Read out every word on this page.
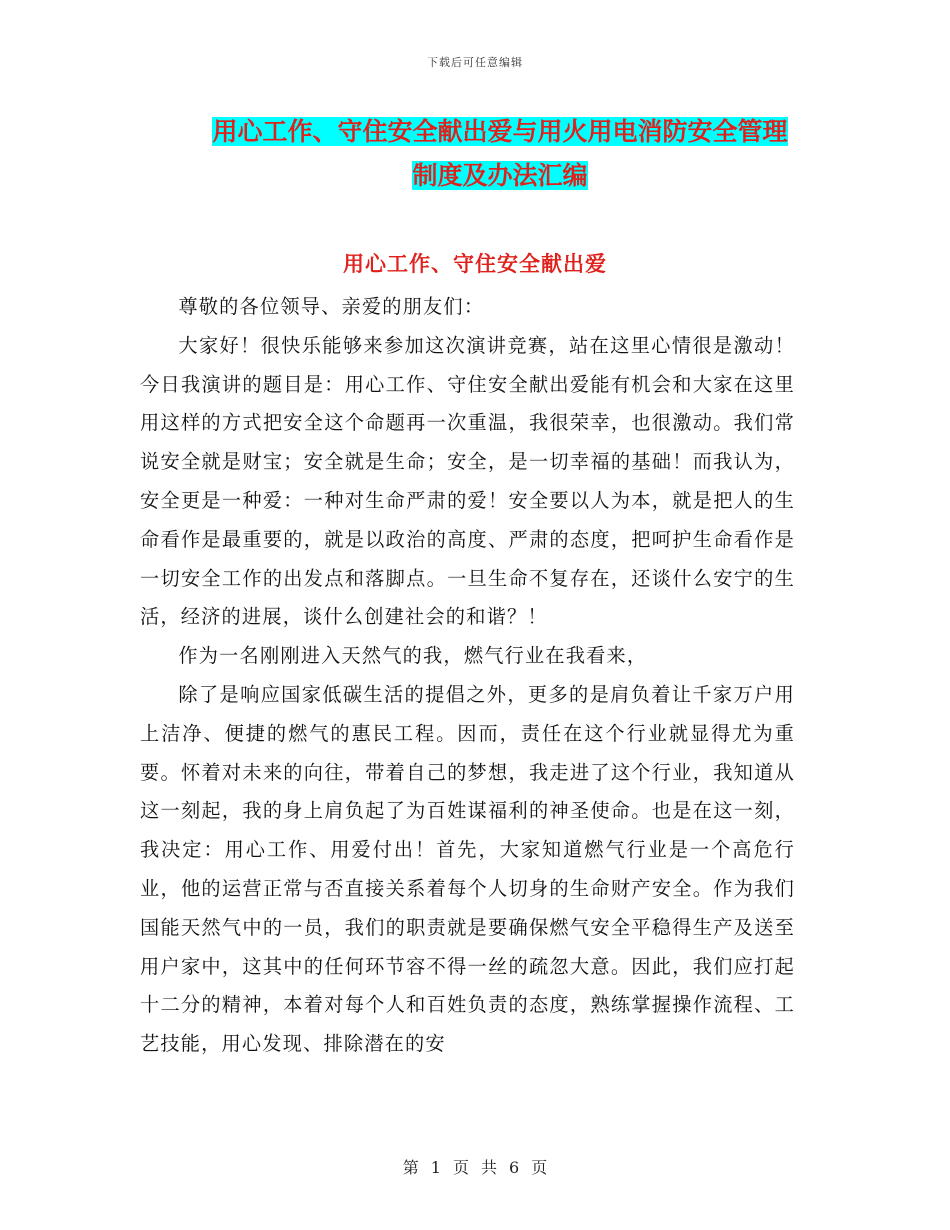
下载后可任意编辑
用心工作、守住安全献出爱与用火用电消防安全管理
制度及办法汇编
用心工作、守住安全献出爱

尊敬的各位领导、亲爱的朋友们：

大家好！很快乐能够来参加这次演讲竞赛，站在这里心情很是激动！今日我演讲的题目是：用心工作、守住安全献出爱能有机会和大家在这里用这样的方式把安全这个命题再一次重温，我很荣幸，也很激动。我们常说安全就是财宝；安全就是生命；安全，是一切幸福的基础！而我认为，安全更是一种爱：一种对生命严肃的爱！安全要以人为本，就是把人的生命看作是最重要的，就是以政治的高度、严肃的态度，把呵护生命看作是一切安全工作的出发点和落脚点。一旦生命不复存在，还谈什么安宁的生活，经济的进展，谈什么创建社会的和谐？！

作为一名刚刚进入天然气的我，燃气行业在我看来，

除了是响应国家低碳生活的提倡之外，更多的是肩负着让千家万户用上洁净、便捷的燃气的惠民工程。因而，责任在这个行业就显得尤为重要。怀着对未来的向往，带着自己的梦想，我走进了这个行业，我知道从这一刻起，我的身上肩负起了为百姓谋福利的神圣使命。也是在这一刻，我决定：用心工作、用爱付出！首先，大家知道燃气行业是一个高危行业，他的运营正常与否直接关系着每个人切身的生命财产安全。作为我们国能天然气中的一员，我们的职责就是要确保燃气安全平稳得生产及送至用户家中，这其中的任何环节容不得一丝的疏忽大意。因此，我们应打起十二分的精神，本着对每个人和百姓负责的态度，熟练掌握操作流程、工艺技能，用心发现、排除潜在的安

第 1 页 共 6 页
